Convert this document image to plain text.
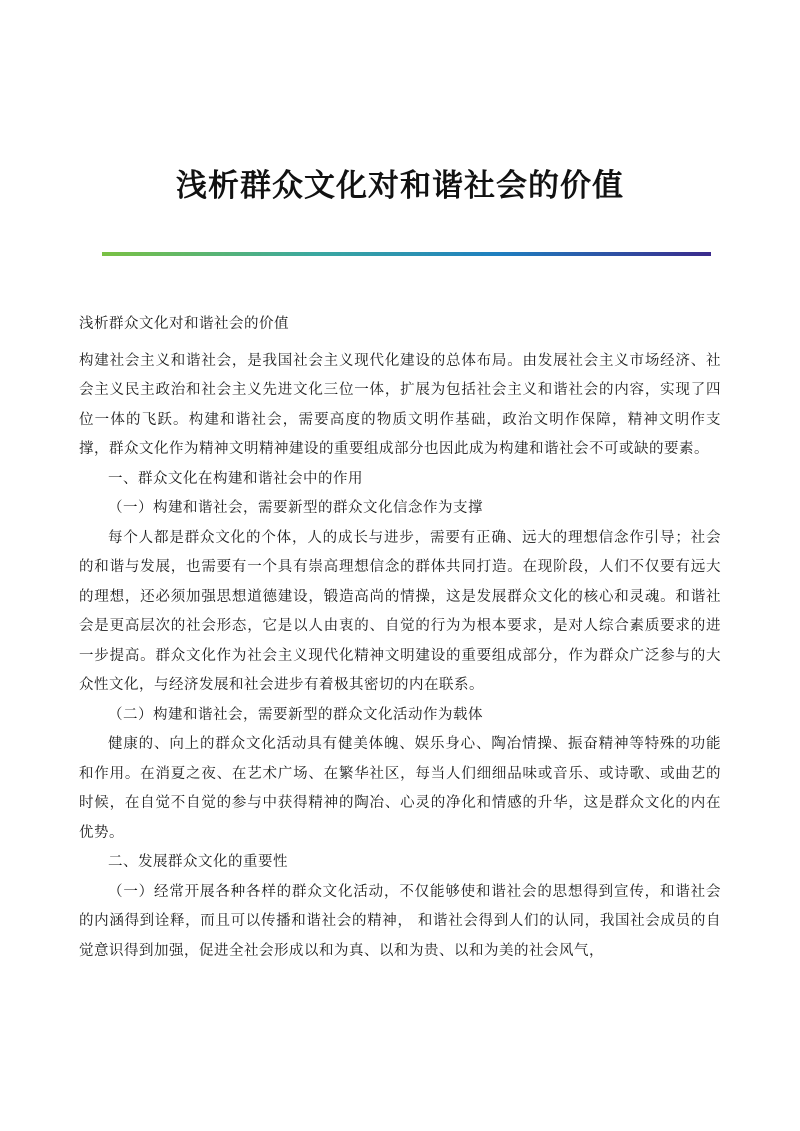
浅析群众文化对和谐社会的价值

浅析群众文化对和谐社会的价值

构建社会主义和谐社会，是我国社会主义现代化建设的总体布局。由发展社会主义市场经济、社会主义民主政治和社会主义先进文化三位一体，扩展为包括社会主义和谐社会的内容，实现了四位一体的飞跃。构建和谐社会，需要高度的物质文明作基础，政治文明作保障，精神文明作支撑，群众文化作为精神文明精神建设的重要组成部分也因此成为构建和谐社会不可或缺的要素。

一、群众文化在构建和谐社会中的作用

（一）构建和谐社会，需要新型的群众文化信念作为支撑

每个人都是群众文化的个体，人的成长与进步，需要有正确、远大的理想信念作引导；社会的和谐与发展，也需要有一个具有崇高理想信念的群体共同打造。在现阶段，人们不仅要有远大的理想，还必须加强思想道德建设，锻造高尚的情操，这是发展群众文化的核心和灵魂。和谐社会是更高层次的社会形态，它是以人由衷的、自觉的行为为根本要求，是对人综合素质要求的进一步提高。群众文化作为社会主义现代化精神文明建设的重要组成部分，作为群众广泛参与的大众性文化，与经济发展和社会进步有着极其密切的内在联系。

（二）构建和谐社会，需要新型的群众文化活动作为载体

健康的、向上的群众文化活动具有健美体魄、娱乐身心、陶冶情操、振奋精神等特殊的功能和作用。在消夏之夜、在艺术广场、在繁华社区，每当人们细细品味或音乐、或诗歌、或曲艺的时候，在自觉不自觉的参与中获得精神的陶冶、心灵的净化和情感的升华，这是群众文化的内在优势。

二、发展群众文化的重要性

（一）经常开展各种各样的群众文化活动，不仅能够使和谐社会的思想得到宣传，和谐社会的内涵得到诠释，而且可以传播和谐社会的精神， 和谐社会得到人们的认同，我国社会成员的自觉意识得到加强，促进全社会形成以和为真、以和为贵、以和为美的社会风气，
